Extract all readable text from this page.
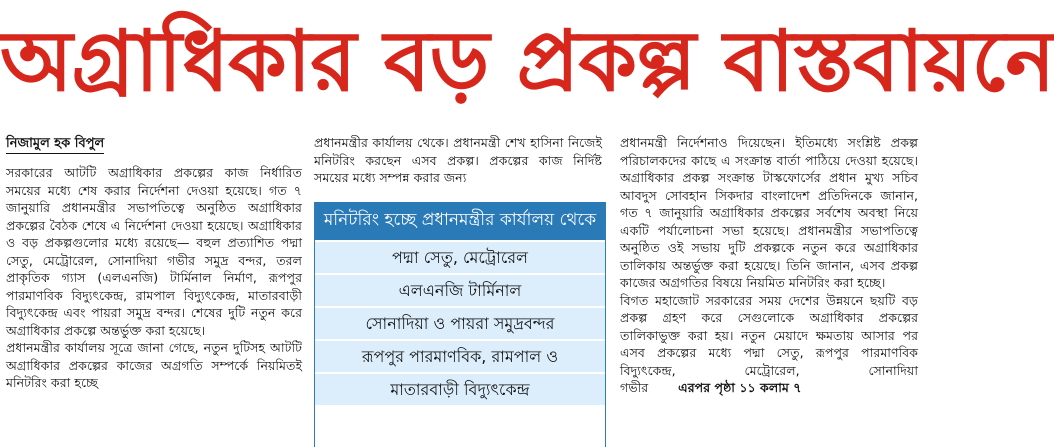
অগ্রাধিকার বড় প্রকল্প বাস্তবায়নে

নিজামুল হক বিপুল

সরকারের আটটি অগ্রাধিকার প্রকল্পের কাজ নির্ধারিত সময়ের মধ্যে শেষ করার নির্দেশনা দেওয়া হয়েছে। গত ৭ জানুয়ারি প্রধানমন্ত্রীর সভাপতিত্বে অনুষ্ঠিত অগ্রাধিকার প্রকল্পের বৈঠক শেষে এ নির্দেশনা দেওয়া হয়েছে। অগ্রাধিকার ও বড় প্রকল্পগুলোর মধ্যে রয়েছে— বহুল প্রত্যাশিত পদ্মা সেতু, মেট্রোরেল, সোনাদিয়া গভীর সমুদ্র বন্দর, তরল প্রাকৃতিক গ্যাস (এলএনজি) টার্মিনাল নির্মাণ, রূপপুর পারমাণবিক বিদ্যুৎকেন্দ্র, রামপাল বিদ্যুৎকেন্দ্র, মাতারবাড়ী বিদ্যুৎকেন্দ্র এবং পায়রা সমুদ্র বন্দর। শেষের দুটি নতুন করে অগ্রাধিকার প্রকল্পে অন্তর্ভুক্ত করা হয়েছে।

প্রধানমন্ত্রীর কার্যালয় সূত্রে জানা গেছে, নতুন দুটিসহ আটটি অগ্রাধিকার প্রকল্পের কাজের অগ্রগতি সম্পর্কে নিয়মিতই মনিটরিং করা হচ্ছে

প্রধানমন্ত্রীর কার্যালয় থেকে। প্রধানমন্ত্রী শেখ হাসিনা নিজেই মনিটরিং করছেন এসব প্রকল্প। প্রকল্পের কাজ নির্দিষ্ট সময়ের মধ্যে সম্পন্ন করার জন্য

মনিটরিং হচ্ছে প্রধানমন্ত্রীর কার্যালয় থেকে
পদ্মা সেতু, মেট্রোরেল
এলএনজি টার্মিনাল
সোনাদিয়া ও পায়রা সমুদ্রবন্দর
রূপপুর পারমাণবিক, রামপাল ও
মাতারবাড়ী বিদ্যুৎকেন্দ্র

প্রধানমন্ত্রী নির্দেশনাও দিয়েছেন। ইতিমধ্যে সংশ্লিষ্ট প্রকল্প পরিচালকদের কাছে এ সংক্রান্ত বার্তা পাঠিয়ে দেওয়া হয়েছে। অগ্রাধিকার প্রকল্প সংক্রান্ত টাস্কফোর্সের প্রধান মুখ্য সচিব আবদুস সোবহান সিকদার বাংলাদেশ প্রতিদিনকে জানান, গত ৭ জানুয়ারি অগ্রাধিকার প্রকল্পের সর্বশেষ অবস্থা নিয়ে একটি পর্যালোচনা সভা হয়েছে। প্রধানমন্ত্রীর সভাপতিত্বে অনুষ্ঠিত ওই সভায় দুটি প্রকল্পকে নতুন করে অগ্রাধিকার তালিকায় অন্তর্ভুক্ত করা হয়েছে। তিনি জানান, এসব প্রকল্প কাজের অগ্রগতির বিষয়ে নিয়মিত মনিটরিং করা হচ্ছে।

বিগত মহাজোট সরকারের সময় দেশের উন্নয়নে ছয়টি বড় প্রকল্প গ্রহণ করে সেগুলোকে অগ্রাধিকার প্রকল্পের তালিকাভুক্ত করা হয়। নতুন মেয়াদে ক্ষমতায় আসার পর এসব প্রকল্পের মধ্যে পদ্মা সেতু, রূপপুর পারমাণবিক বিদ্যুৎকেন্দ্র, মেট্রোরেল, সোনাদিয়া গভীর এরপর পৃষ্ঠা ১১ কলাম ৭
